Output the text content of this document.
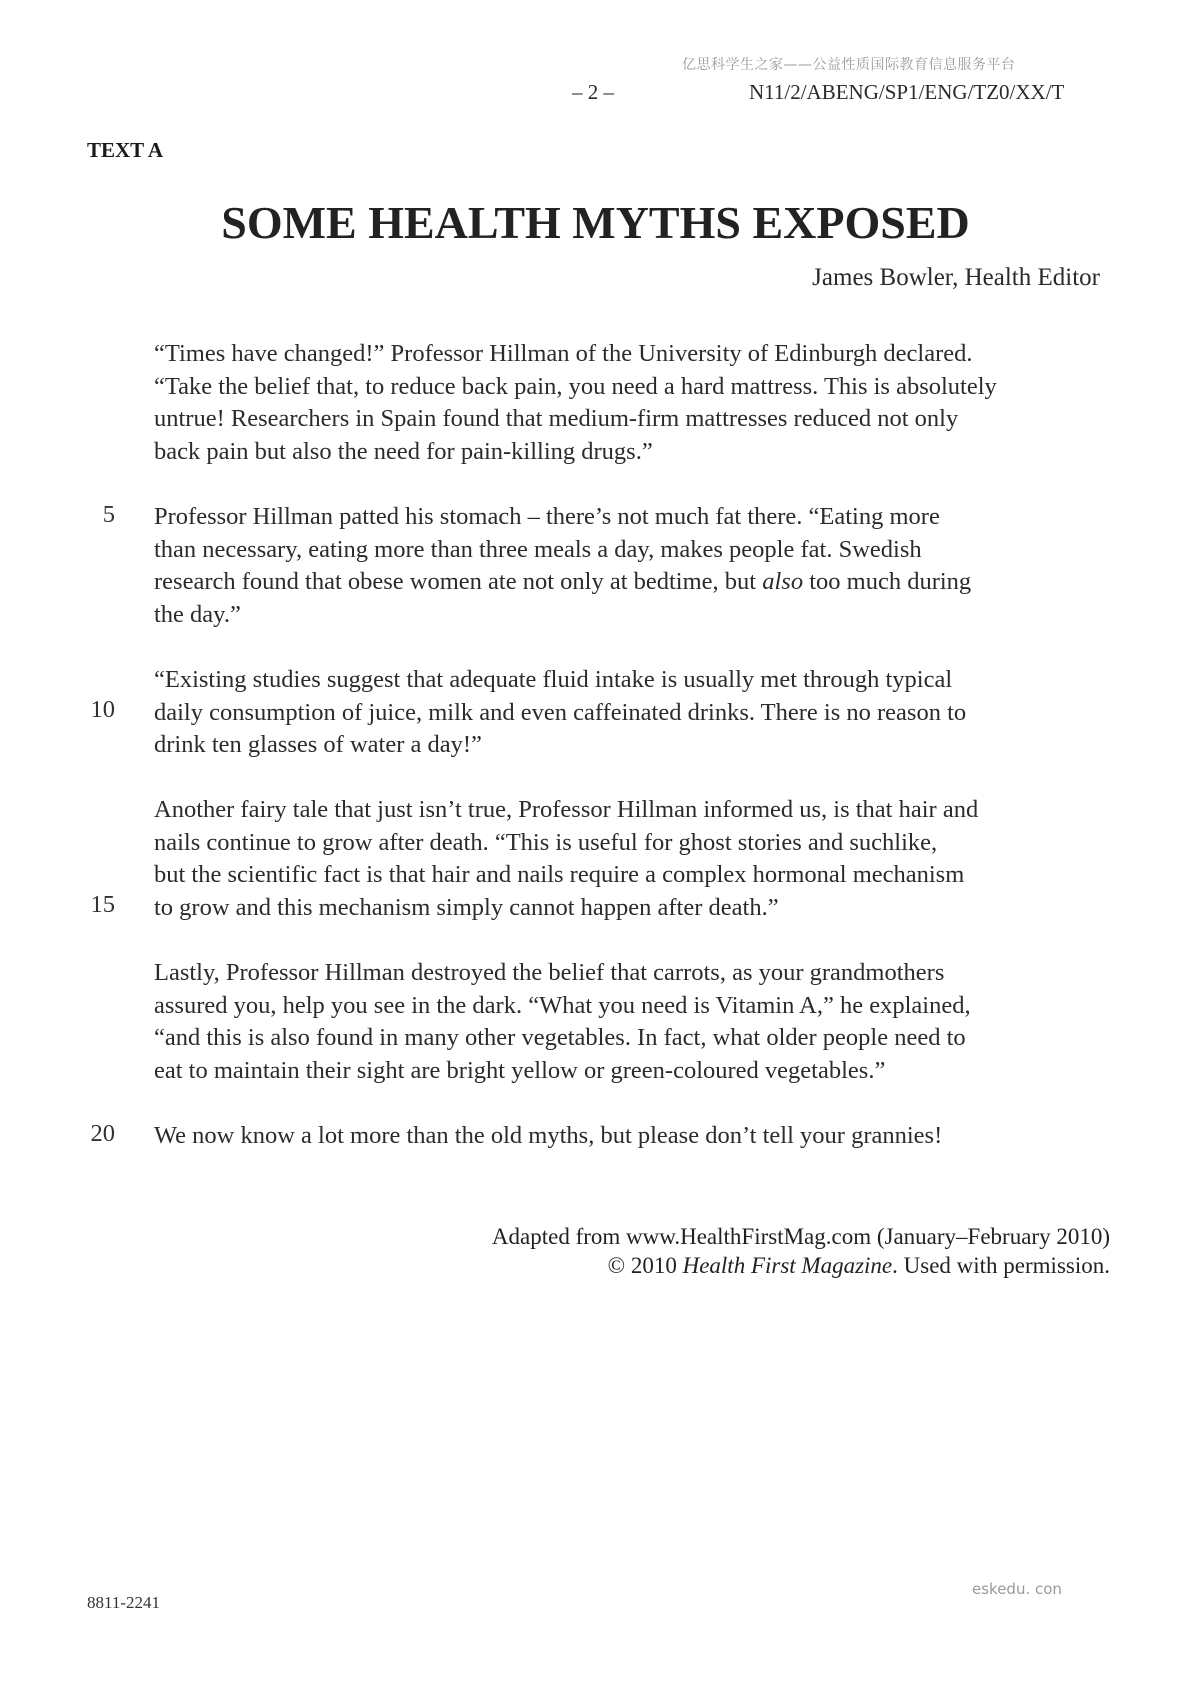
亿思科学生之家——公益性质国际教育信息服务平台
– 2 –	N11/2/ABENG/SP1/ENG/TZ0/XX/T
TEXT A
SOME HEALTH MYTHS EXPOSED
James Bowler, Health Editor
“Times have changed!” Professor Hillman of the University of Edinburgh declared.
“Take the belief that, to reduce back pain, you need a hard mattress. This is absolutely
untrue! Researchers in Spain found that medium-firm mattresses reduced not only
back pain but also the need for pain-killing drugs.”
5 Professor Hillman patted his stomach – there’s not much fat there. “Eating more
than necessary, eating more than three meals a day, makes people fat. Swedish
research found that obese women ate not only at bedtime, but also too much during
the day.”
10
“Existing studies suggest that adequate fluid intake is usually met through typical
daily consumption of juice, milk and even caffeinated drinks. There is no reason to
drink ten glasses of water a day!”
15
Another fairy tale that just isn’t true, Professor Hillman informed us, is that hair and
nails continue to grow after death. “This is useful for ghost stories and suchlike,
but the scientific fact is that hair and nails require a complex hormonal mechanism
to grow and this mechanism simply cannot happen after death.”
Lastly, Professor Hillman destroyed the belief that carrots, as your grandmothers
assured you, help you see in the dark. “What you need is Vitamin A,” he explained,
“and this is also found in many other vegetables. In fact, what older people need to
eat to maintain their sight are bright yellow or green-coloured vegetables.”
20 We now know a lot more than the old myths, but please don’t tell your grannies!
Adapted from www.HealthFirstMag.com (January–February 2010)
© 2010 Health First Magazine. Used with permission.
8811-2241
eskedu. con
